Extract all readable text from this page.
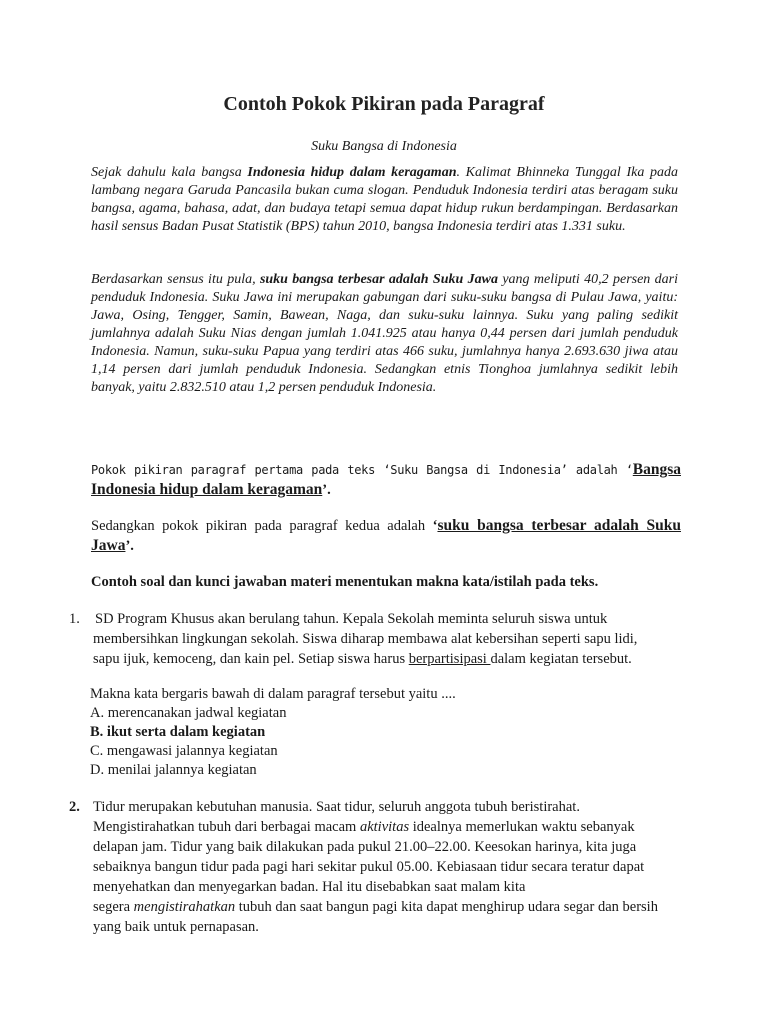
Contoh Pokok Pikiran pada Paragraf
Suku Bangsa di Indonesia
Sejak dahulu kala bangsa Indonesia hidup dalam keragaman. Kalimat Bhinneka Tunggal Ika pada lambang negara Garuda Pancasila bukan cuma slogan. Penduduk Indonesia terdiri atas beragam suku bangsa, agama, bahasa, adat, dan budaya tetapi semua dapat hidup rukun berdampingan. Berdasarkan hasil sensus Badan Pusat Statistik (BPS) tahun 2010, bangsa Indonesia terdiri atas 1.331 suku.
Berdasarkan sensus itu pula, suku bangsa terbesar adalah Suku Jawa yang meliputi 40,2 persen dari penduduk Indonesia. Suku Jawa ini merupakan gabungan dari suku-suku bangsa di Pulau Jawa, yaitu: Jawa, Osing, Tengger, Samin, Bawean, Naga, dan suku-suku lainnya. Suku yang paling sedikit jumlahnya adalah Suku Nias dengan jumlah 1.041.925 atau hanya 0,44 persen dari jumlah penduduk Indonesia. Namun, suku-suku Papua yang terdiri atas 466 suku, jumlahnya hanya 2.693.630 jiwa atau 1,14 persen dari jumlah penduduk Indonesia. Sedangkan etnis Tionghoa jumlahnya sedikit lebih banyak, yaitu 2.832.510 atau 1,2 persen penduduk Indonesia.
Pokok pikiran paragraf pertama pada teks ‘Suku Bangsa di Indonesia’ adalah ‘Bangsa Indonesia hidup dalam keragaman’.
Sedangkan pokok pikiran pada paragraf kedua adalah ‘suku bangsa terbesar adalah Suku Jawa’.
Contoh soal dan kunci jawaban materi menentukan makna kata/istilah pada teks.
1. SD Program Khusus akan berulang tahun. Kepala Sekolah meminta seluruh siswa untuk
membersihkan lingkungan sekolah. Siswa diharap membawa alat kebersihan seperti sapu lidi,
sapu ijuk, kemoceng, dan kain pel. Setiap siswa harus berpartisipasi dalam kegiatan tersebut.
Makna kata bergaris bawah di dalam paragraf tersebut yaitu ....
A. merencanakan jadwal kegiatan
B. ikut serta dalam kegiatan
C. mengawasi jalannya kegiatan
D. menilai jalannya kegiatan
2. Tidur merupakan kebutuhan manusia. Saat tidur, seluruh anggota tubuh beristirahat.
Mengistirahatkan tubuh dari berbagai macam aktivitas idealnya memerlukan waktu sebanyak
delapan jam. Tidur yang baik dilakukan pada pukul 21.00–22.00. Keesokan harinya, kita juga
sebaiknya bangun tidur pada pagi hari sekitar pukul 05.00. Kebiasaan tidur secara teratur dapat
menyehatkan dan menyegarkan badan. Hal itu disebabkan saat malam kita
segera mengistirahatkan tubuh dan saat bangun pagi kita dapat menghirup udara segar dan bersih
yang baik untuk pernapasan.
